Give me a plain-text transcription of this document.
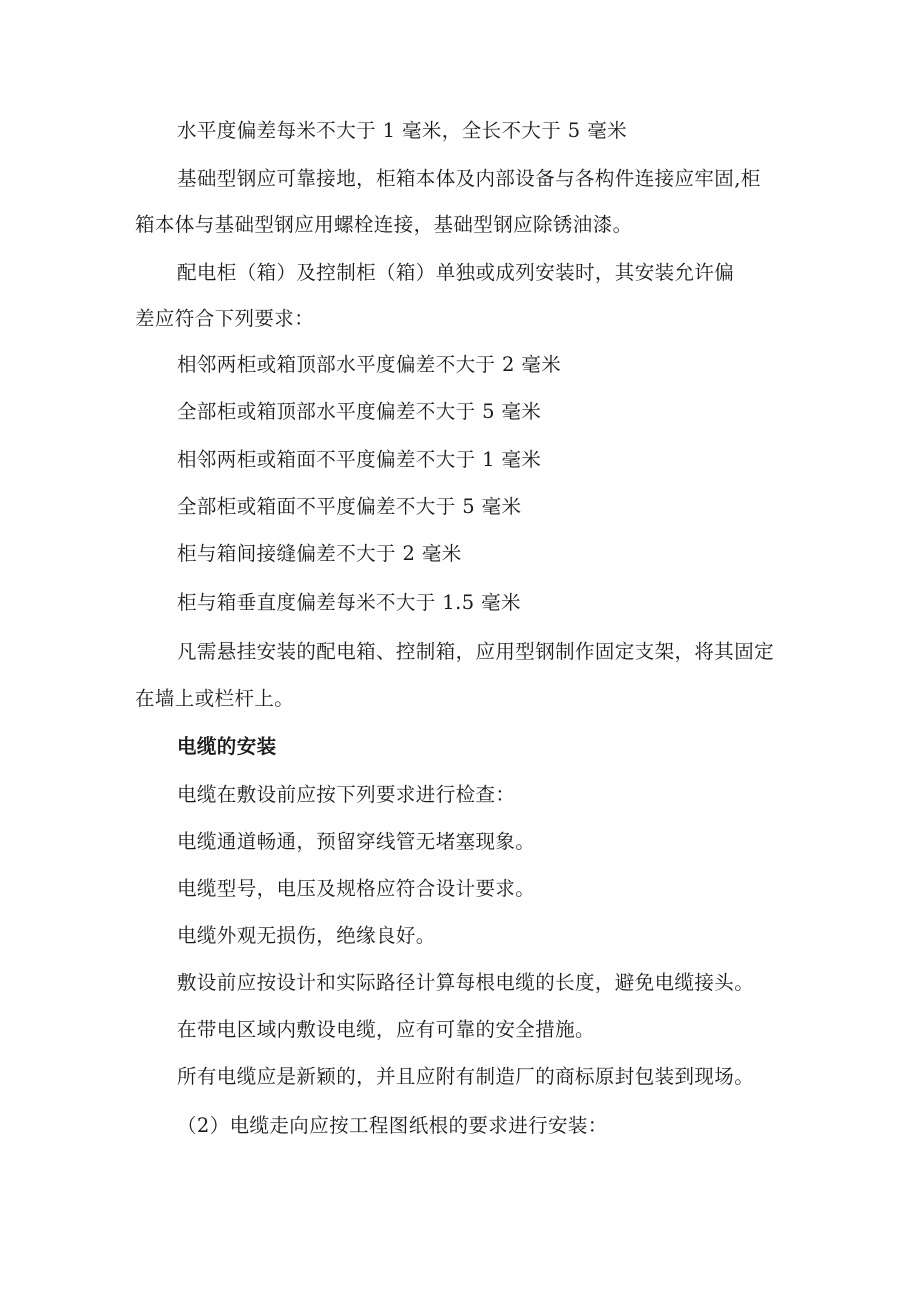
水平度偏差每米不大于 1 毫米，全长不大于 5 毫米
基础型钢应可靠接地，柜箱本体及内部设备与各构件连接应牢固,柜
箱本体与基础型钢应用螺栓连接，基础型钢应除锈油漆。
配电柜（箱）及控制柜（箱）单独或成列安装时，其安装允许偏
差应符合下列要求：
相邻两柜或箱顶部水平度偏差不大于 2 毫米
全部柜或箱顶部水平度偏差不大于 5 毫米
相邻两柜或箱面不平度偏差不大于 1 毫米
全部柜或箱面不平度偏差不大于 5 毫米
柜与箱间接缝偏差不大于 2 毫米
柜与箱垂直度偏差每米不大于 1.5 毫米
凡需悬挂安装的配电箱、控制箱，应用型钢制作固定支架，将其固定
在墙上或栏杆上。
电缆的安装
电缆在敷设前应按下列要求进行检查：
电缆通道畅通，预留穿线管无堵塞现象。
电缆型号，电压及规格应符合设计要求。
电缆外观无损伤，绝缘良好。
敷设前应按设计和实际路径计算每根电缆的长度，避免电缆接头。
在带电区域内敷设电缆，应有可靠的安全措施。
所有电缆应是新颖的，并且应附有制造厂的商标原封包装到现场。
（2）电缆走向应按工程图纸根的要求进行安装：
